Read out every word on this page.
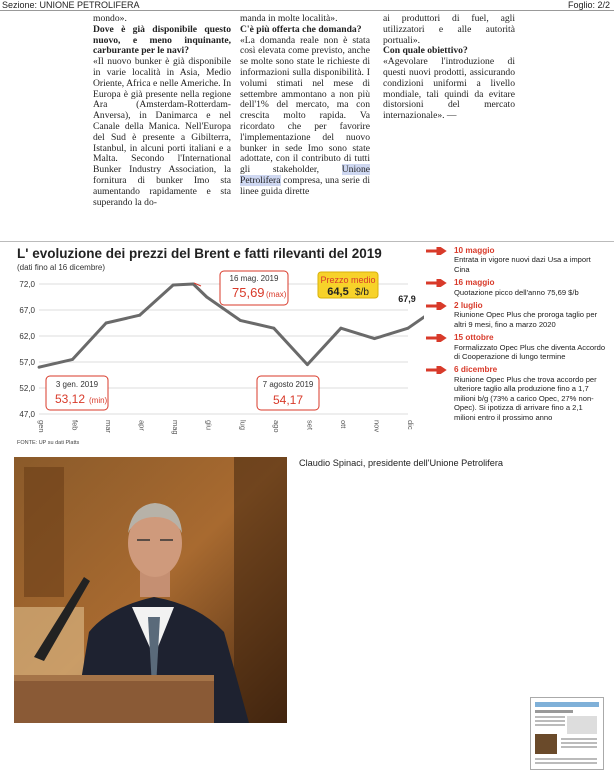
Sezione: UNIONE PETROLIFERA	Foglio: 2/2

mondo».

Dove è già disponibile questo nuovo, e meno inquinante, carburante per le navi?

«Il nuovo bunker è già disponibile in varie località in Asia, Medio Oriente, Africa e nelle Americhe. In Europa è già presente nella regione Ara (Amsterdam-Rotterdam-Anversa), in Danimarca e nel Canale della Manica. Nell'Europa del Sud è presente a Gibilterra, Istanbul, in alcuni porti italiani e a Malta. Secondo l'International Bunker Industry Association, la fornitura di bunker Imo sta aumentando rapidamente e sta superando la do-

manda in molte località».

C'è più offerta che domanda?

«La domanda reale non è stata così elevata come previsto, anche se molte sono state le richieste di informazioni sulla disponibilità. I volumi stimati nel mese di settembre ammontano a non più dell'1% del mercato, ma con crescita molto rapida. Va ricordato che per favorire l'implementazione del nuovo bunker in sede Imo sono state adottate, con il contributo di tutti gli stakeholder, Unione Petrolifera compresa, una serie di linee guida dirette

ai produttori di fuel, agli utilizzatori e alle autorità portuali».

Con quale obiettivo?

«Agevolare l'introduzione di questi nuovi prodotti, assicurando condizioni uniformi a livello mondiale, tali quindi da evitare distorsioni del mercato internazionale». —

L' evoluzione dei prezzi del Brent e fatti rilevanti del 2019
(dati fino al 16 dicembre)
72,0
67,0
62,0
57,0
52,0
47,0
gen	feb	mar	apr	mag	giu	lug	ago	set	ott	nov	dic
16 mag. 2019
75,69 (max)
Prezzo medio
64,5 $/b
3 gen. 2019
53,12 (min)
7 agosto 2019
54,17
67,9
FONTE: UP su dati Platts
10 maggio
Entrata in vigore nuovi dazi Usa a import Cina
16 maggio
Quotazione picco dell'anno 75,69 $/b
2 luglio
Riunione Opec Plus che proroga taglio per altri 9 mesi, fino a marzo 2020
15 ottobre
Formalizzato Opec Plus che diventa Accordo di Cooperazione di lungo termine
6 dicembre
Riunione Opec Plus che trova accordo per ulteriore taglio alla produzione fino a 1,7 milioni b/g (73% a carico Opec, 27% non-Opec). Si ipotizza di arrivare fino a 2,1 milioni entro il prossimo anno
Claudio Spinaci, presidente dell'Unione Petrolifera
